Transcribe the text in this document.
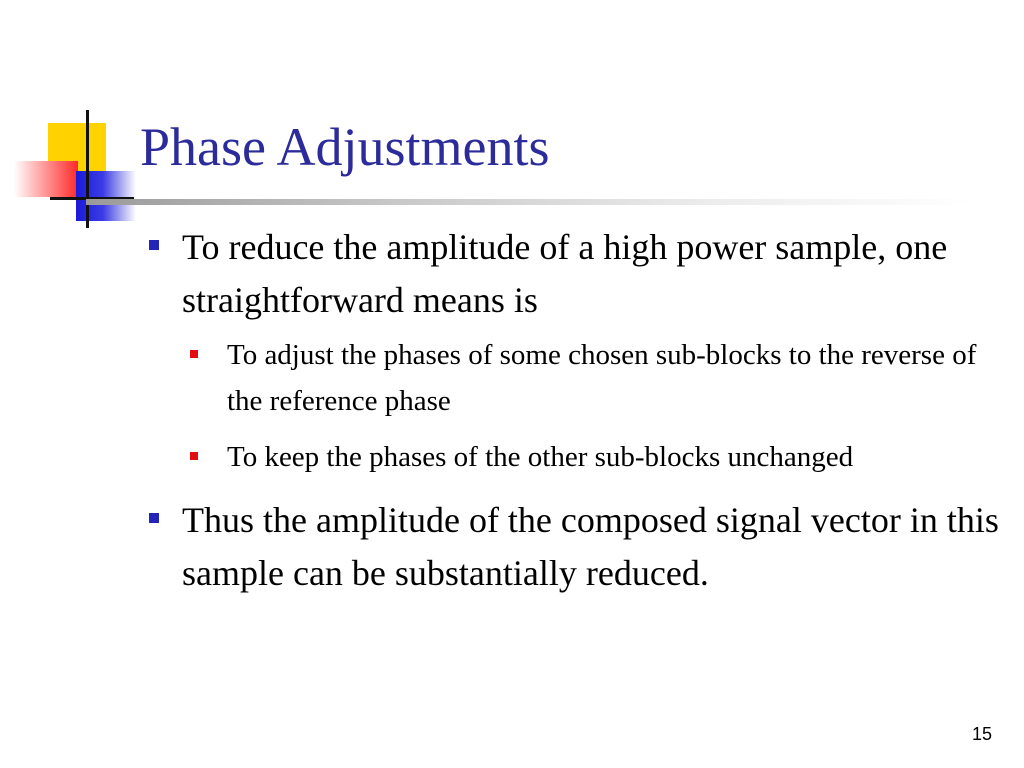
Phase Adjustments
To reduce the amplitude of a high power sample, one straightforward means is
To adjust the phases of some chosen sub-blocks to the reverse of the reference phase
To keep the phases of the other sub-blocks unchanged
Thus the amplitude of the composed signal vector in this sample can be substantially reduced.
15
